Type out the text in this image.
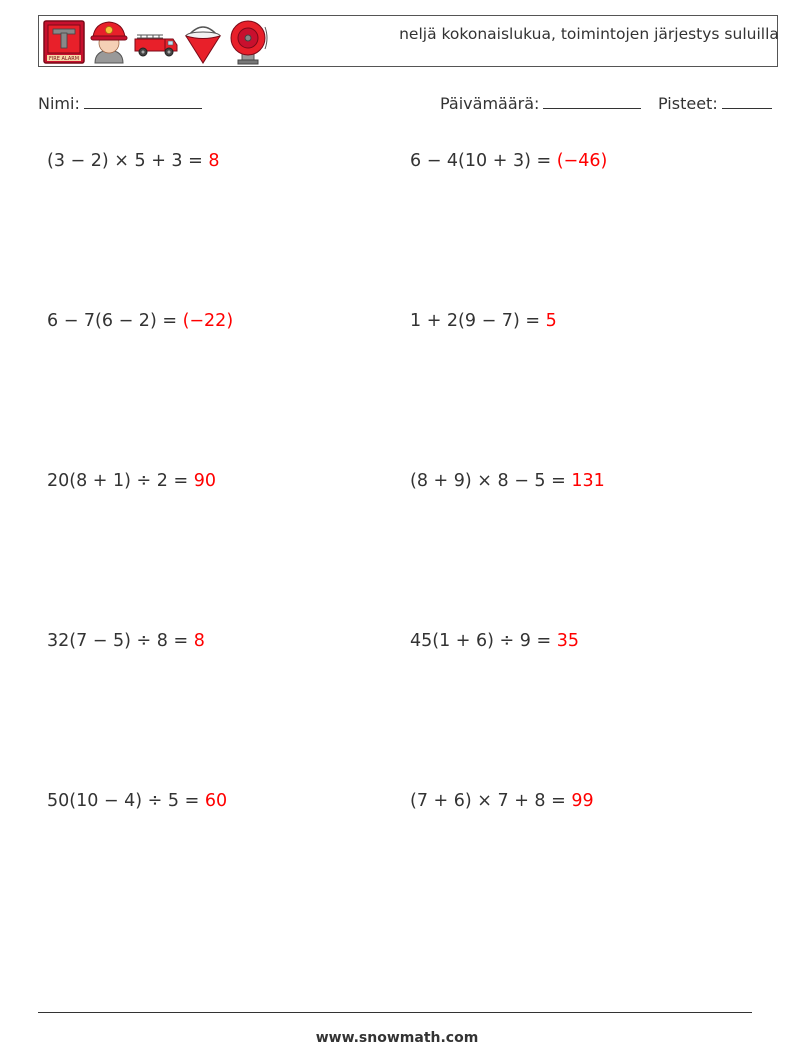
FIRE ALARM
neljä kokonaislukua, toimintojen järjestys suluilla
Nimi:	Päivämäärä:	Pisteet:
(3 − 2) × 5 + 3 = 8	6 − 4(10 + 3) = (−46)
6 − 7(6 − 2) = (−22)	1 + 2(9 − 7) = 5
20(8 + 1) ÷ 2 = 90	(8 + 9) × 8 − 5 = 131
32(7 − 5) ÷ 8 = 8	45(1 + 6) ÷ 9 = 35
50(10 − 4) ÷ 5 = 60	(7 + 6) × 7 + 8 = 99
www.snowmath.com
